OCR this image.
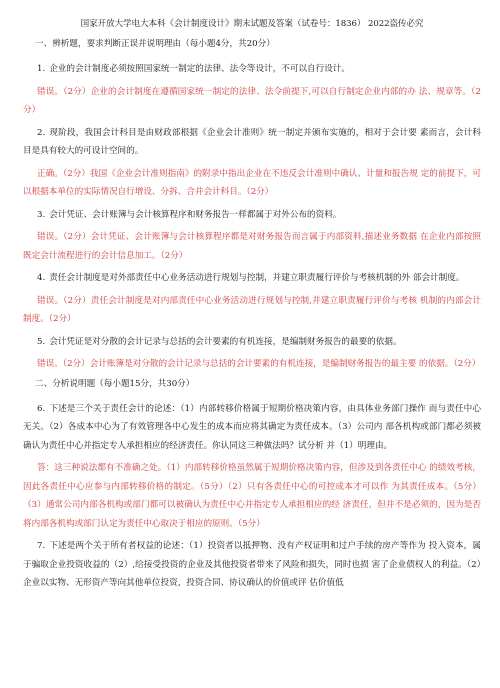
国家开放大学电大本科《会计制度设计》期末试题及答案（试卷号：1836） 2022盗传必究
一、辨析题，要求判断正误并说明理由（每小题4分，共20分）

1. 企业的会计制度必须按照国家统一制定的法律、法令等设计，不可以自行设计。

错误。（2分）企业的会计制度在遵循国家统一制定的法律、法令前提下,可以自行制定企业内部的办 法、规章等。（2分）

2. 现阶段，我国会计科目是由财政部根据《企业会计准则》统一制定并颁布实施的，相对于会计要 素而言，会计科目是具有较大的可设计空间的。

正确。（2分）我国《企业会计准则指南》的附录中指出企业在不违反会计准则中确认、计量和报告规 定的前提下，可以根据本单位的实际情况自行增设、分拆、合并会计科目。（2分）

3. 会计凭证、会计账簿与会计核算程序和财务报告一样都属于对外公布的资料。

错误。（2分）会计凭证、会计账簿与会计核算程序都是对财务报告而言属于内部资料,描述业务数据 在企业内部按照既定会计流程进行的会计信息加工。（2分）

4. 责任会计制度是对外部责任中心业务活动进行规划与控制，并建立职责履行评价与考核机制的外 部会计制度。

错误。（2分）责任会计制度是对内部责任中心业务活动进行规划与控制,并建立职责履行评价与考核 机制的内部会计制度。（2分）

5. 会计凭证是对分散的会计记录与总括的会计要素的有机连接，是编制财务报告的最要的依据。

错误。（2分）会计账簿是对分散的会计记录与总括的会计要素的有机连接，是编制财务报告的最主要 的依据。（2分）

二、分析说明题（每小题15分，共30分）

6. 下述是三个关于责任会计的论述：（1）内部转移价格属于短期价格决策内容，由具体业务部门操作 而与责任中心无关。（2）各成本中心为了有效管理各中心发生的成本而应将其确定为责任成本。（3）公司内 部各机构或部门都必须被确认为责任中心并指定专人承担相应的经济责任。你认同这三种做法吗？试分析 并（1）明理由。

答：这三种说法都有不准确之处。（1）内部转移价格虽然属于短期价格决策内容，但涉及到各责任中心 的绩效考核，因此各责任中心应参与内部转移价格的制定。（5分）（2）只有各责任中心的可控成本才可以作 为其责任成本。（5分）（3）通常公司内部各机构或部门都可以被确认为责任中心并指定专人承担相应的经 济责任，但并不是必须的，因为是否将内部各机构或部门认定为责任中心取决于相应的原则。（5分）

7. 下述是两个关于所有者权益的论述：（1）投资者以抵押物、没有产权证明和过户手续的房产等作为 投入资本，属于骗取企业投资收益的（2）,给接受投资的企业及其他投资者带来了风险和损失，同时也损 害了企业债权人的利益。（2）企业以实物、无形资产等向其他单位投资，投资合同、协议确认的价值或评 估价值低
